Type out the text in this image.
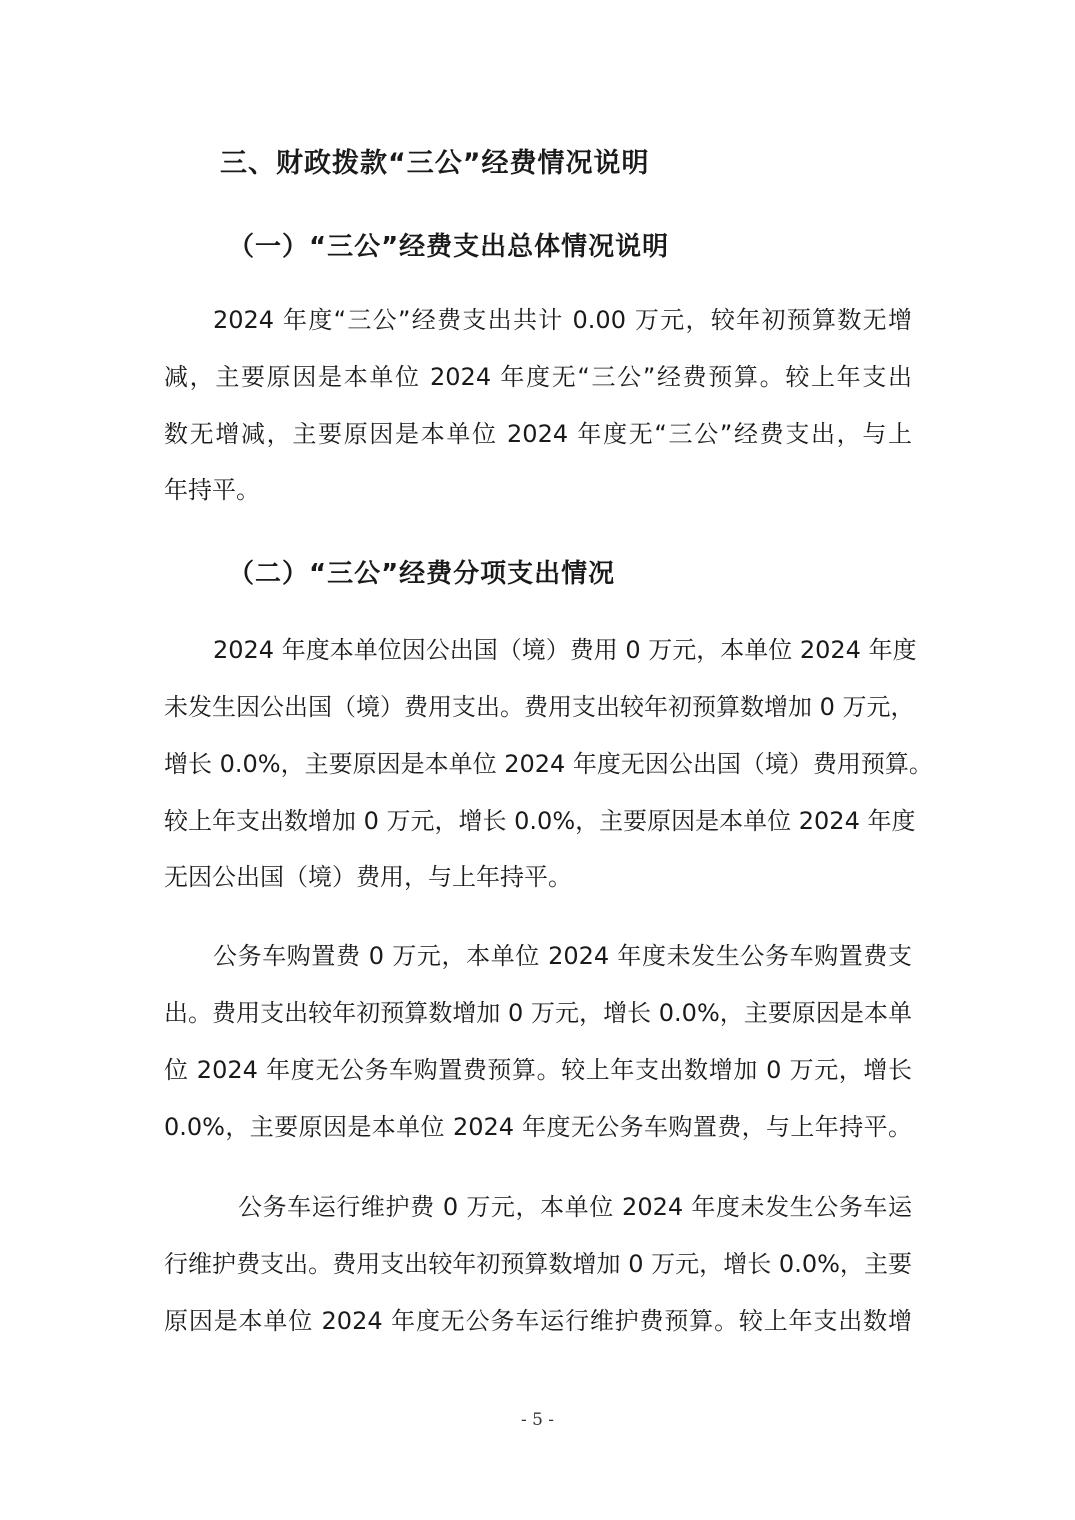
三、财政拨款“三公”经费情况说明
（一）“三公”经费支出总体情况说明
2024 年度“三公”经费支出共计 0.00 万元，较年初预算数无增
减，主要原因是本单位 2024 年度无“三公”经费预算。较上年支出
数无增减，主要原因是本单位 2024 年度无“三公”经费支出，与上
年持平。
（二）“三公”经费分项支出情况
2024 年度本单位因公出国（境）费用 0 万元，本单位 2024 年度
未发生因公出国（境）费用支出。费用支出较年初预算数增加 0 万元，
增长 0.0%，主要原因是本单位 2024 年度无因公出国（境）费用预算。
较上年支出数增加 0 万元，增长 0.0%，主要原因是本单位 2024 年度
无因公出国（境）费用，与上年持平。
公务车购置费 0 万元，本单位 2024 年度未发生公务车购置费支
出。费用支出较年初预算数增加 0 万元，增长 0.0%，主要原因是本单
位 2024 年度无公务车购置费预算。较上年支出数增加 0 万元，增长
0.0%，主要原因是本单位 2024 年度无公务车购置费，与上年持平。
公务车运行维护费 0 万元，本单位 2024 年度未发生公务车运
行维护费支出。费用支出较年初预算数增加 0 万元，增长 0.0%，主要
原因是本单位 2024 年度无公务车运行维护费预算。较上年支出数增
- 5 -
